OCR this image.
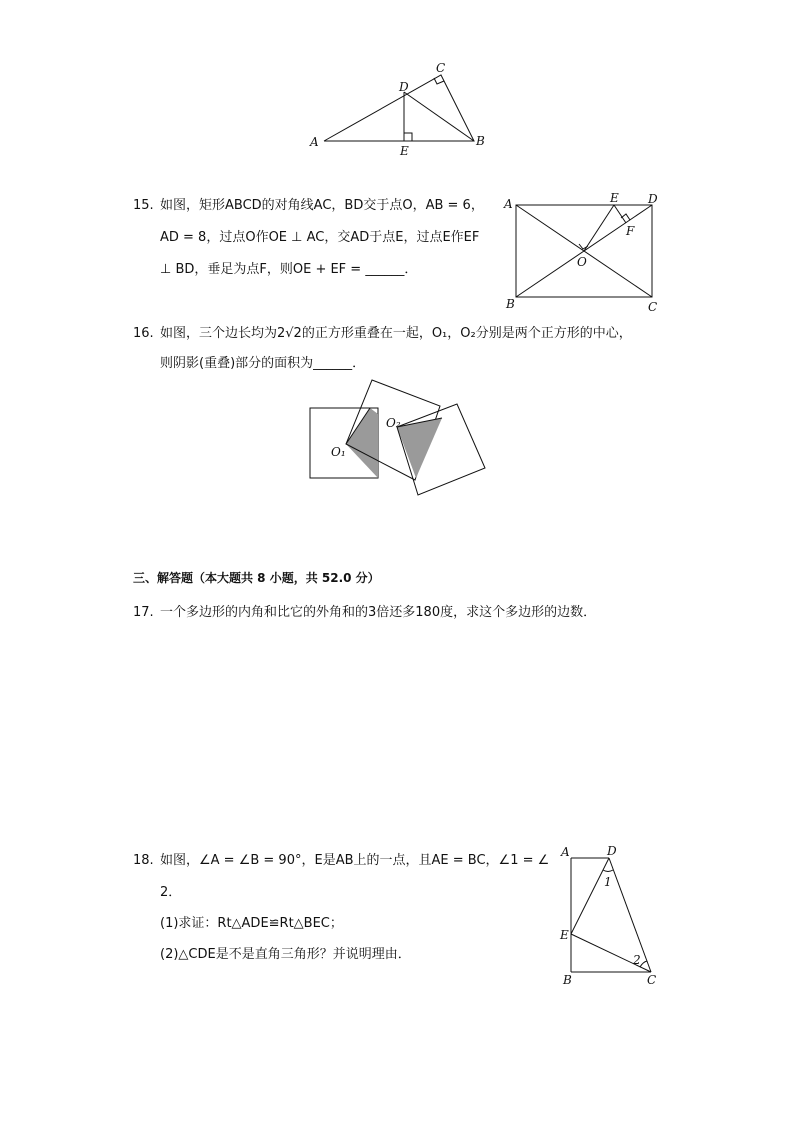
A	B
C
D
E
15. 如图，矩形ABCD的对角线AC，BD交于点O，AB = 6，
AD = 8，过点O作OE ⊥ AC，交AD于点E，过点E作EF
⊥ BD，垂足为点F，则OE + EF = ______．
A
B	C
D
E
F
O
16. 如图，三个边长均为2√2的正方形重叠在一起，O₁，O₂分别是两个正方形的中心，
则阴影(重叠)部分的面积为______．
O₁
O₂
三、解答题（本大题共 8 小题，共 52.0 分）
17. 一个多边形的内角和比它的外角和的3倍还多180度，求这个多边形的边数．
18. 如图，∠A = ∠B = 90°，E是AB上的一点，且AE = BC，∠1 = ∠
2．
(1)求证：Rt△ADE≌Rt△BEC；
(2)△CDE是不是直角三角形？并说明理由．
A	D
E
B	C
1
2
